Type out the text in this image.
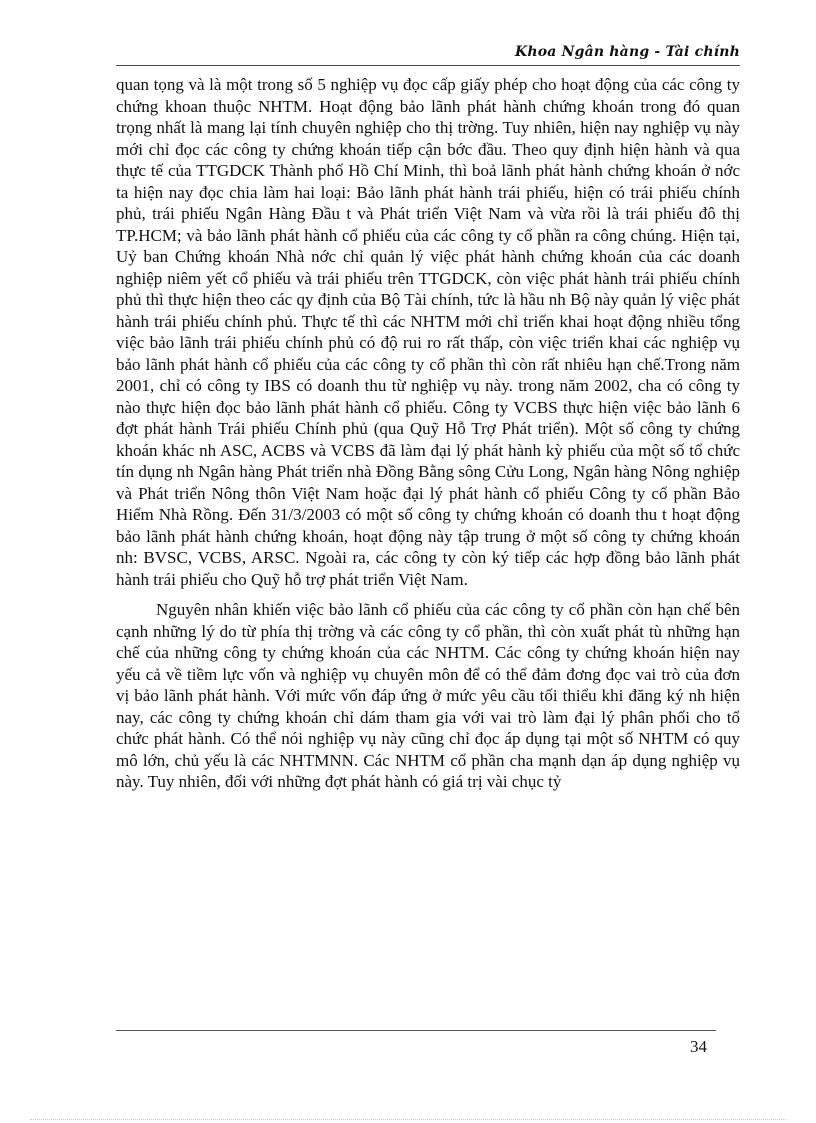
Khoa Ngân hàng - Tài chính

quan tọng và là một trong số 5 nghiệp vụ đọc cấp giấy phép cho hoạt động của các công ty chứng khoan thuộc NHTM. Hoạt động bảo lãnh phát hành chứng khoán trong đó quan trọng nhất là mang lại tính chuyên nghiệp cho thị trờng. Tuy nhiên, hiện nay nghiệp vụ này mới chỉ đọc các công ty chứng khoán tiếp cận bớc đầu. Theo quy định hiện hành và qua thực tế của TTGDCK Thành phố Hồ Chí Minh, thì boả lãnh phát hành chứng khoán ở nớc ta hiện nay đọc chia làm hai loại: Bảo lãnh phát hành trái phiếu, hiện có trái phiếu chính phủ, trái phiếu Ngân Hàng Đầu t và Phát triển Việt Nam và vừa rồi là trái phiếu đô thị TP.HCM; và bảo lãnh phát hành cổ phiếu của các công ty cổ phần ra công chúng. Hiện tại, Uỷ ban Chứng khoán Nhà nớc chỉ quản lý việc phát hành chứng khoán của các doanh nghiệp niêm yết cổ phiếu và trái phiếu trên TTGDCK, còn việc phát hành trái phiếu chính phủ thì thực hiện theo các qy định của Bộ Tài chính, tức là hầu nh Bộ này quản lý việc phát hành trái phiếu chính phủ. Thực tế thì các NHTM mới chỉ triển khai hoạt động nhiều tổng việc bảo lãnh trái phiếu chính phủ có độ rui ro rất thấp, còn việc triển khai các nghiệp vụ bảo lãnh phát hành cổ phiếu của các công ty cổ phần thì còn rất nhiêu hạn chế.Trong năm 2001, chỉ có công ty IBS có doanh thu từ nghiệp vụ này. trong năm 2002, cha có công ty nào thực hiện đọc bảo lãnh phát hành cổ phiếu. Công ty VCBS thực hiện việc bảo lãnh 6 đợt phát hành Trái phiếu Chính phủ (qua Quỹ Hỗ Trợ Phát triển). Một số công ty chứng khoán khác nh ASC, ACBS và VCBS đã làm đại lý phát hành kỳ phiếu của một số tổ chức tín dụng nh Ngân hàng Phát triển nhà Đồng Bằng sông Cửu Long, Ngân hàng Nông nghiệp và Phát triển Nông thôn Việt Nam hoặc đại lý phát hành cổ phiếu Công ty cổ phần Bảo Hiểm Nhà Rồng. Đến 31/3/2003 có một số công ty chứng khoán có doanh thu t hoạt động bảo lãnh phát hành chứng khoán, hoạt động này tập trung ở một số công ty chứng khoán nh: BVSC, VCBS, ARSC. Ngoài ra, các công ty còn ký tiếp các hợp đồng bảo lãnh phát hành trái phiếu cho Quỹ hỗ trợ phát triển Việt Nam.

Nguyên nhân khiến việc bảo lãnh cổ phiếu của các công ty cổ phần còn hạn chế bên cạnh những lý do từ phía thị trờng và các công ty cổ phần, thì còn xuất phát tù những hạn chế của những công ty chứng khoán của các NHTM. Các công ty chứng khoán hiện nay yếu cả về tiềm lực vốn và nghiệp vụ chuyên môn để có thể đảm đơng đọc vai trò của đơn vị bảo lãnh phát hành. Với mức vốn đáp ứng ở mức yêu cầu tối thiểu khi đăng ký nh hiện nay, các công ty chứng khoán chỉ dám tham gia với vai trò làm đại lý phân phối cho tổ chức phát hành. Có thể nói nghiệp vụ này cũng chỉ đọc áp dụng tại một số NHTM có quy mô lớn, chủ yếu là các NHTMNN. Các NHTM cổ phần cha mạnh dạn áp dụng nghiệp vụ này. Tuy nhiên, đối với những đợt phát hành có giá trị vài chục tỷ

34
